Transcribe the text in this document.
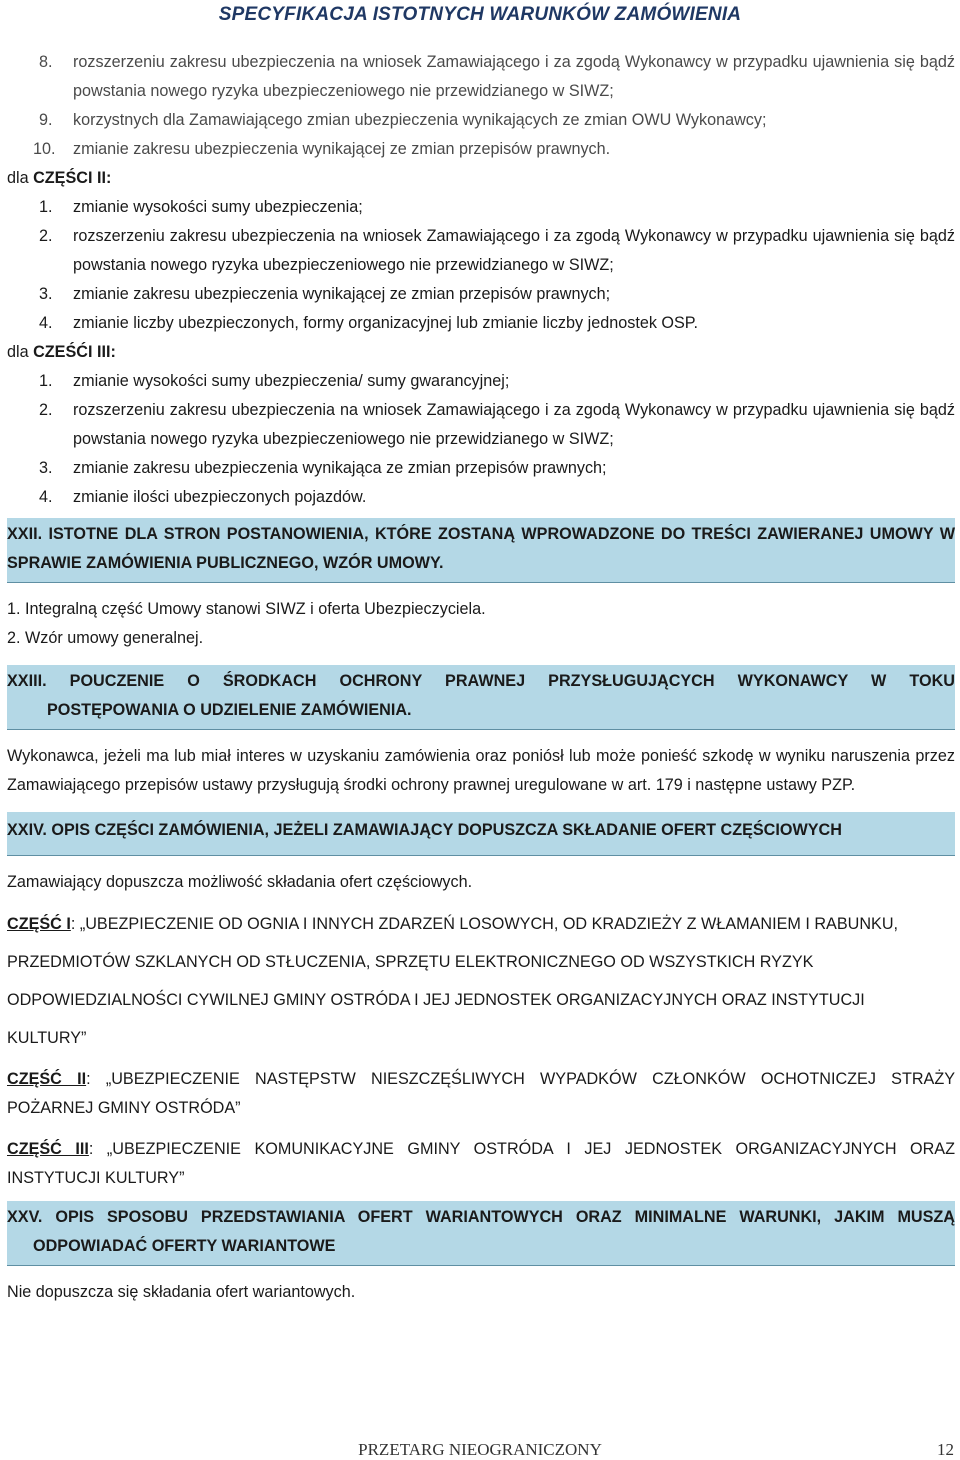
SPECYFIKACJA ISTOTNYCH WARUNKÓW ZAMÓWIENIA
8. rozszerzeniu zakresu ubezpieczenia na wniosek Zamawiającego i za zgodą Wykonawcy w przypadku ujawnienia się bądź powstania nowego ryzyka ubezpieczeniowego nie przewidzianego w SIWZ;
9. korzystnych dla Zamawiającego zmian ubezpieczenia wynikających ze zmian OWU Wykonawcy;
10. zmianie zakresu ubezpieczenia wynikającej ze zmian przepisów prawnych.
dla CZĘŚCI II:
1. zmianie wysokości sumy ubezpieczenia;
2. rozszerzeniu zakresu ubezpieczenia na wniosek Zamawiającego i za zgodą Wykonawcy w przypadku ujawnienia się bądź powstania nowego ryzyka ubezpieczeniowego nie przewidzianego w SIWZ;
3. zmianie zakresu ubezpieczenia wynikającej ze zmian przepisów prawnych;
4. zmianie liczby ubezpieczonych, formy organizacyjnej lub zmianie liczby jednostek OSP.
dla CZEŚĆI III:
1. zmianie wysokości sumy ubezpieczenia/ sumy gwarancyjnej;
2. rozszerzeniu zakresu ubezpieczenia na wniosek Zamawiającego i za zgodą Wykonawcy w przypadku ujawnienia się bądź powstania nowego ryzyka ubezpieczeniowego nie przewidzianego w SIWZ;
3. zmianie zakresu ubezpieczenia wynikająca ze zmian przepisów prawnych;
4. zmianie ilości ubezpieczonych pojazdów.
XXII. ISTOTNE DLA STRON POSTANOWIENIA, KTÓRE ZOSTANĄ WPROWADZONE DO TREŚCI ZAWIERANEJ UMOWY W SPRAWIE ZAMÓWIENIA PUBLICZNEGO, WZÓR UMOWY.
1. Integralną część Umowy stanowi SIWZ i oferta Ubezpieczyciela.
2. Wzór umowy generalnej.
XXIII. POUCZENIE O ŚRODKACH OCHRONY PRAWNEJ PRZYSŁUGUJĄCYCH WYKONAWCY W TOKU
POSTĘPOWANIA O UDZIELENIE ZAMÓWIENIA.
Wykonawca, jeżeli ma lub miał interes w uzyskaniu zamówienia oraz poniósł lub może ponieść szkodę w wyniku naruszenia przez Zamawiającego przepisów ustawy przysługują środki ochrony prawnej uregulowane w art. 179 i następne ustawy PZP.
XXIV. OPIS CZĘŚCI ZAMÓWIENIA, JEŻELI ZAMAWIAJĄCY DOPUSZCZA SKŁADANIE OFERT CZĘŚCIOWYCH
Zamawiający dopuszcza możliwość składania ofert częściowych.
CZĘŚĆ I: „UBEZPIECZENIE OD OGNIA I INNYCH ZDARZEŃ LOSOWYCH, OD KRADZIEŻY Z WŁAMANIEM I RABUNKU,
PRZEDMIOTÓW SZKLANYCH OD STŁUCZENIA, SPRZĘTU ELEKTRONICZNEGO OD WSZYSTKICH RYZYK
ODPOWIEDZIALNOŚCI CYWILNEJ GMINY OSTRÓDA I JEJ JEDNOSTEK ORGANIZACYJNYCH ORAZ INSTYTUCJI
KULTURY”
CZĘŚĆ II: „UBEZPIECZENIE NASTĘPSTW NIESZCZĘŚLIWYCH WYPADKÓW CZŁONKÓW OCHOTNICZEJ STRAŻY POŻARNEJ GMINY OSTRÓDA”
CZĘŚĆ III: „UBEZPIECZENIE KOMUNIKACYJNE GMINY OSTRÓDA I JEJ JEDNOSTEK ORGANIZACYJNYCH ORAZ INSTYTUCJI KULTURY”
XXV. OPIS SPOSOBU PRZEDSTAWIANIA OFERT WARIANTOWYCH ORAZ MINIMALNE WARUNKI, JAKIM MUSZĄ
ODPOWIADAĆ OFERTY WARIANTOWE
Nie dopuszcza się składania ofert wariantowych.
PRZETARG NIEOGRANICZONY	12
